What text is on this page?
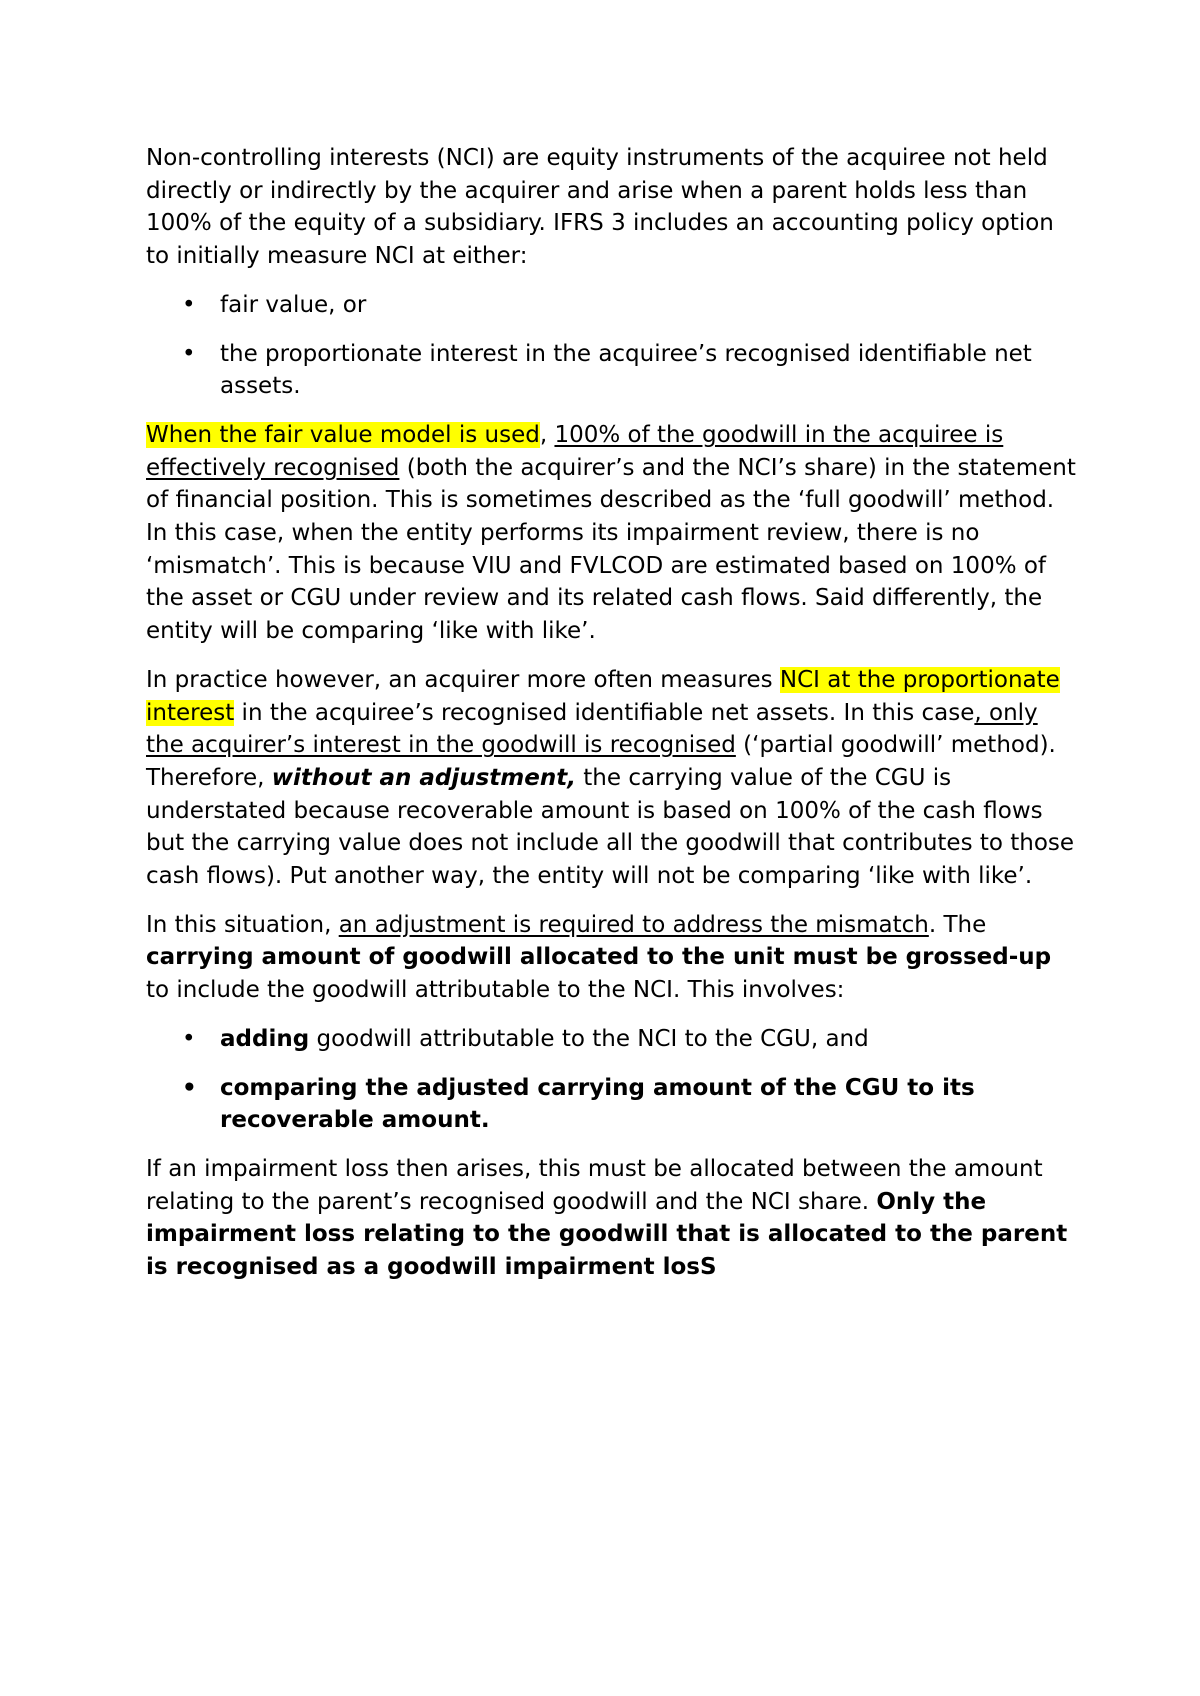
Non-controlling interests (NCI) are equity instruments of the acquiree not held directly or indirectly by the acquirer and arise when a parent holds less than 100% of the equity of a subsidiary. IFRS 3 includes an accounting policy option to initially measure NCI at either:

• fair value, or
• the proportionate interest in the acquiree’s recognised identifiable net assets.

When the fair value model is used, 100% of the goodwill in the acquiree is effectively recognised (both the acquirer’s and the NCI’s share) in the statement of financial position. This is sometimes described as the ‘full goodwill’ method. In this case, when the entity performs its impairment review, there is no ‘mismatch’. This is because VIU and FVLCOD are estimated based on 100% of the asset or CGU under review and its related cash flows. Said differently, the entity will be comparing ‘like with like’.

In practice however, an acquirer more often measures NCI at the proportionate interest in the acquiree’s recognised identifiable net assets. In this case, only the acquirer’s interest in the goodwill is recognised (‘partial goodwill’ method). Therefore, without an adjustment, the carrying value of the CGU is understated because recoverable amount is based on 100% of the cash flows but the carrying value does not include all the goodwill that contributes to those cash flows). Put another way, the entity will not be comparing ‘like with like’.

In this situation, an adjustment is required to address the mismatch. The carrying amount of goodwill allocated to the unit must be grossed-up to include the goodwill attributable to the NCI. This involves:

• adding goodwill attributable to the NCI to the CGU, and
• comparing the adjusted carrying amount of the CGU to its recoverable amount.

If an impairment loss then arises, this must be allocated between the amount relating to the parent’s recognised goodwill and the NCI share. Only the impairment loss relating to the goodwill that is allocated to the parent is recognised as a goodwill impairment losS
